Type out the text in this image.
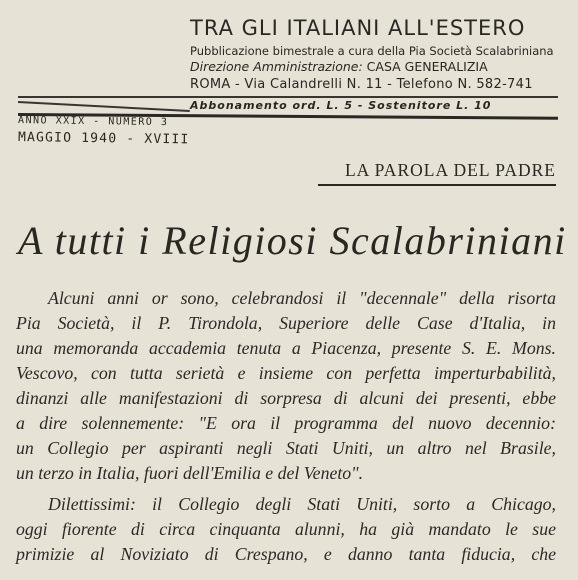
TRA GLI ITALIANI ALL'ESTERO
Pubblicazione bimestrale a cura della Pia Società Scalabriniana
Direzione Amministrazione: CASA GENERALIZIA
ROMA - Via Calandrelli N. 11 - Telefono N. 582-741
Abbonamento ord. L. 5 - Sostenitore L. 10
ANNO XXIX - NUMERO 3
MAGGIO 1940 - XVIII
LA PAROLA DEL PADRE
A tutti i Religiosi Scalabriniani
Alcuni anni or sono, celebrandosi il "decennale" della risorta
Pia Società, il P. Tirondola, Superiore delle Case d'Italia, in
una memoranda accademia tenuta a Piacenza, presente S. E. Mons.
Vescovo, con tutta serietà e insieme con perfetta imperturbabilità,
dinanzi alle manifestazioni di sorpresa di alcuni dei presenti, ebbe
a dire solennemente: "E ora il programma del nuovo decennio:
un Collegio per aspiranti negli Stati Uniti, un altro nel Brasile,
un terzo in Italia, fuori dell'Emilia e del Veneto".
Dilettissimi: il Collegio degli Stati Uniti, sorto a Chicago,
oggi fiorente di circa cinquanta alunni, ha già mandato le sue
primizie al Noviziato di Crespano, e danno tanta fiducia, che
